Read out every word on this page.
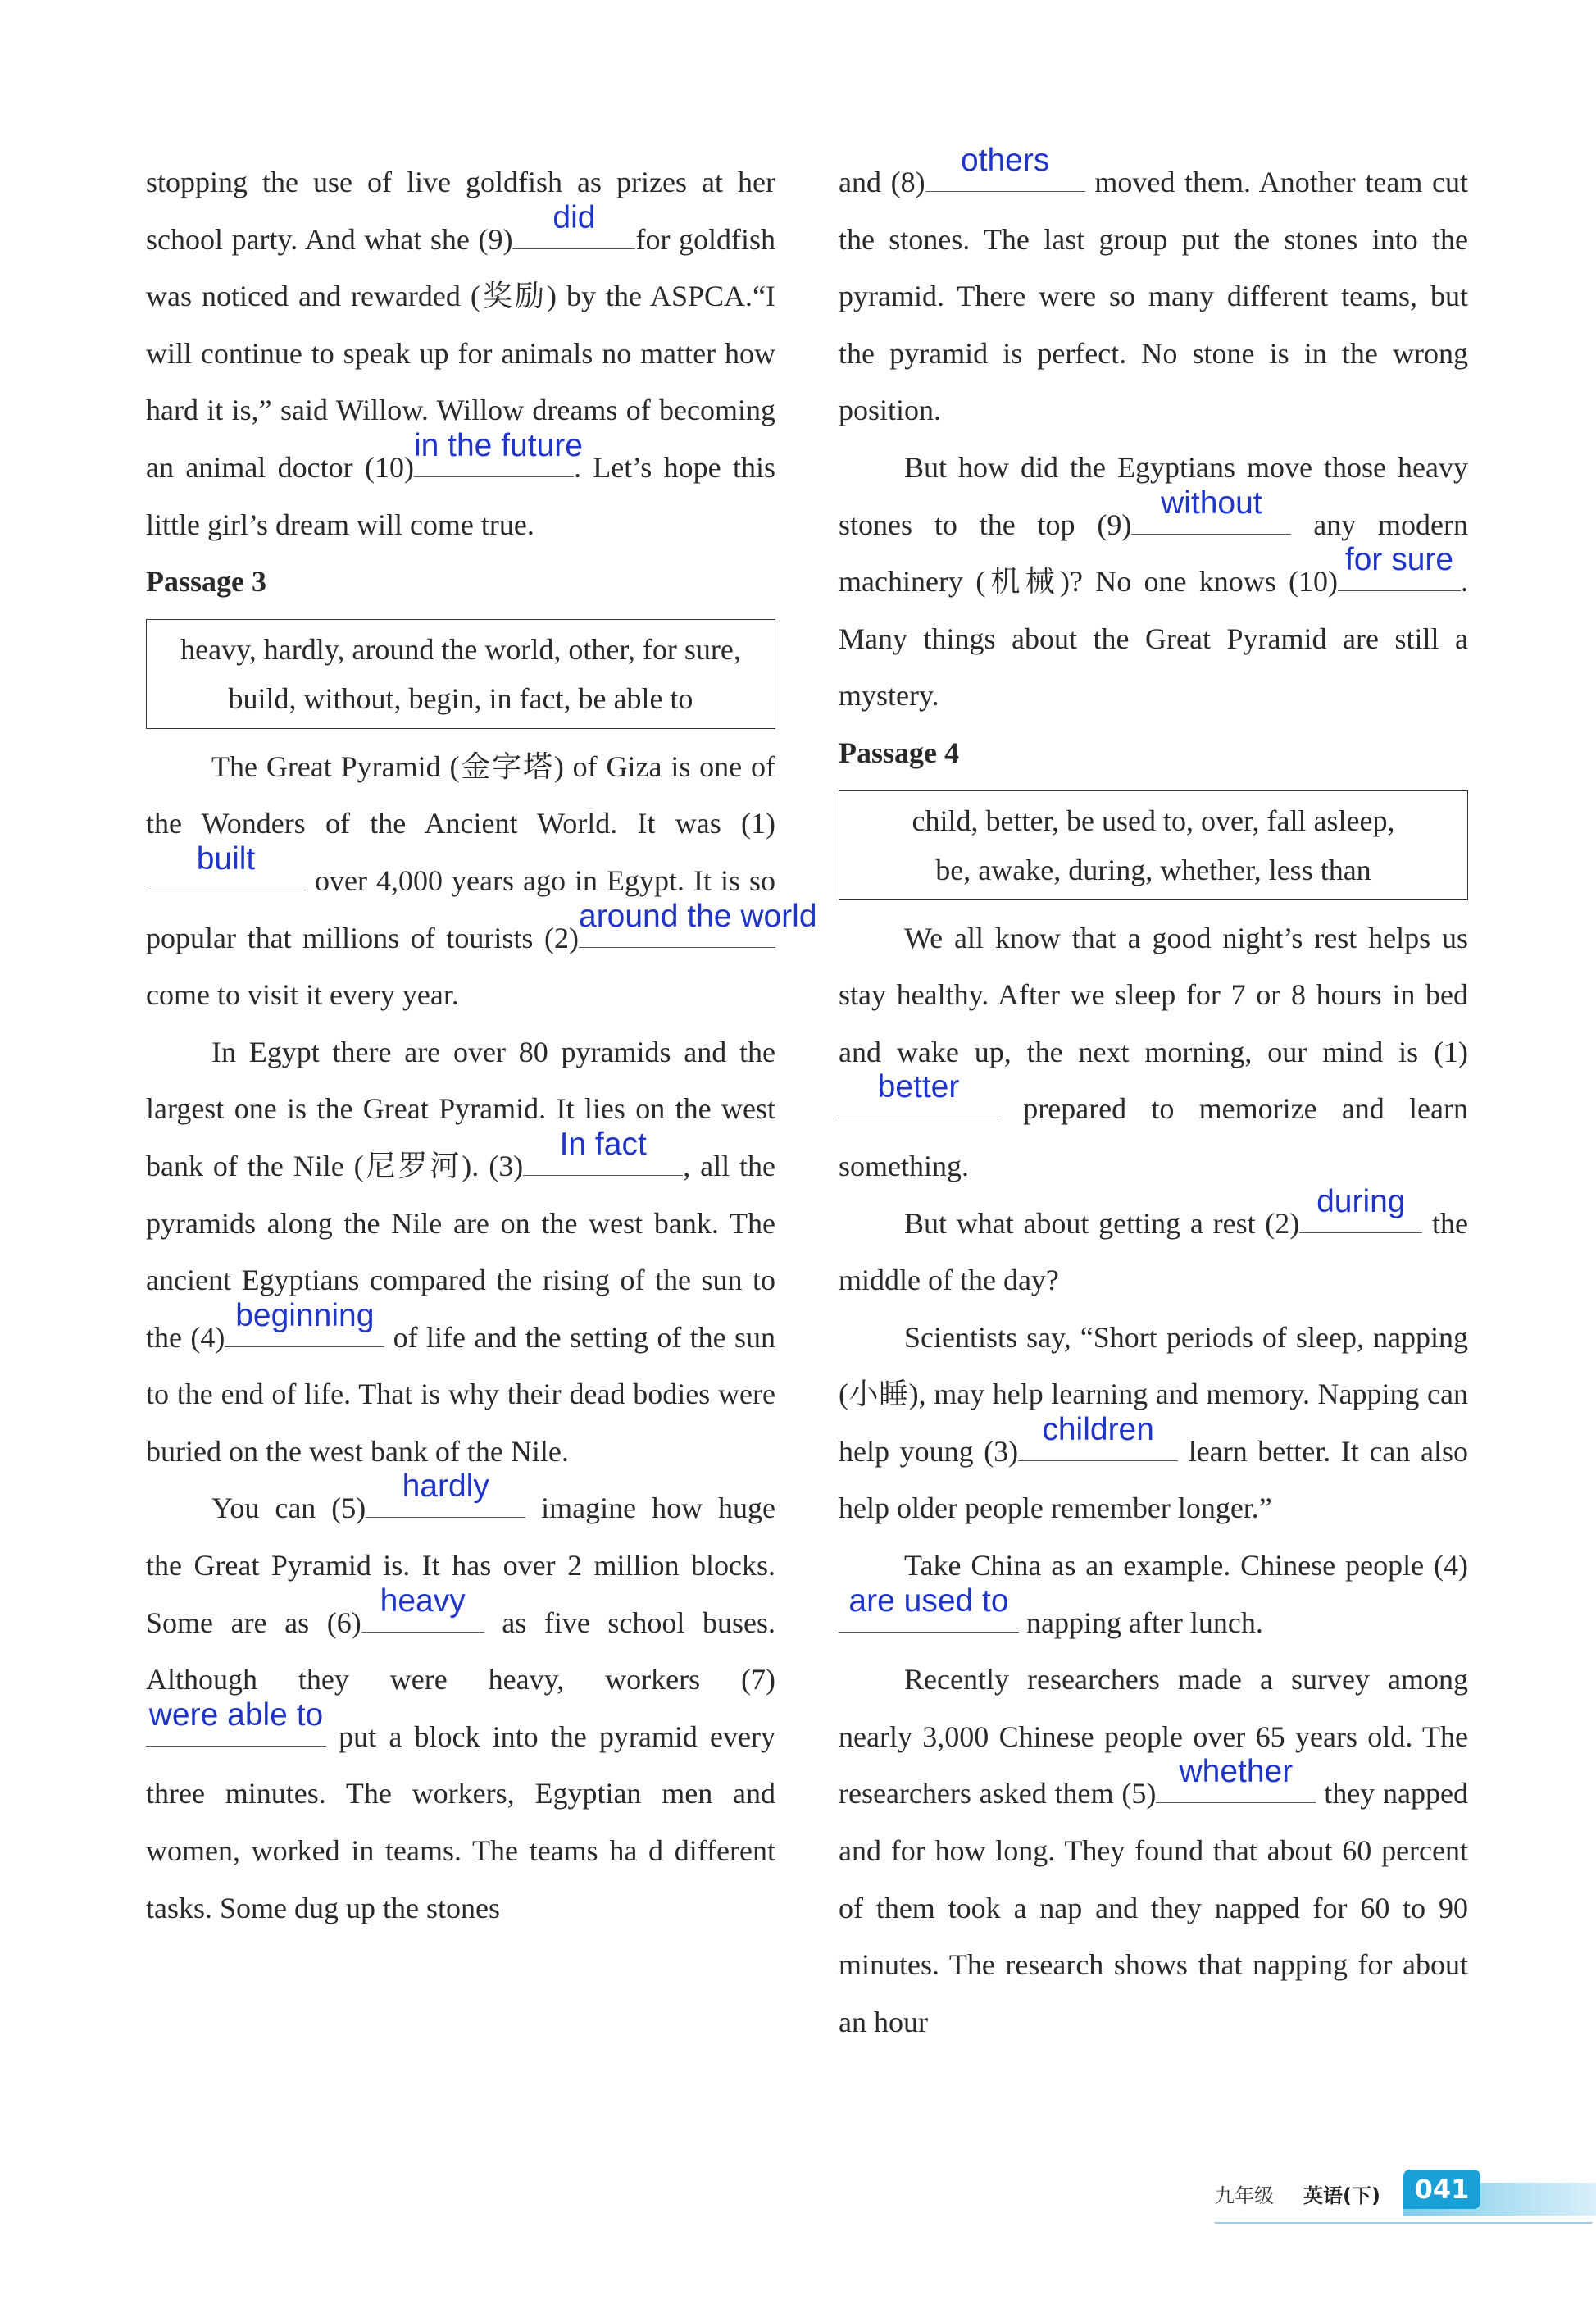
stopping the use of live goldfish as prizes at her school party. And what she (9)
did
for goldfish was noticed and rewarded (奖励) by the ASPCA.“I will continue to speak up for animals no matter how hard it is,” said Willow. Willow dreams of becoming an animal doctor (10)
in the future
. Let’s hope this little girl’s dream will come true.

Passage 3

heavy, hardly, around the world, other, for sure,
build, without, begin, in fact, be able to

The Great Pyramid (金字塔) of Giza is one of the Wonders of the Ancient World. It was (1)
built
over 4,000 years ago in Egypt. It is so popular that millions of tourists (2)
around the world
come to visit it every year.

In Egypt there are over 80 pyramids and the largest one is the Great Pyramid. It lies on the west bank of the Nile (尼罗河). (3)
In fact
, all the pyramids along the Nile are on the west bank. The ancient Egyptians compared the rising of the sun to the (4)
beginning
of life and the setting of the sun to the end of life. That is why their dead bodies were buried on the west bank of the Nile.

You can (5)
hardly
imagine how huge the Great Pyramid is. It has over 2 million blocks. Some are as (6)
heavy
as five school buses. Although they were heavy, workers (7)
were able to
put a block into the pyramid every three minutes. The workers, Egyptian men and women, worked in teams. The teams ha d different tasks. Some dug up the stones

and (8)
others
moved them. Another team cut the stones. The last group put the stones into the pyramid. There were so many different teams, but the pyramid is perfect. No stone is in the wrong position.

But how did the Egyptians move those heavy stones to the top (9)
without
any modern machinery (机械)? No one knows (10)
for sure
. Many things about the Great Pyramid are still a mystery.

Passage 4

child, better, be used to, over, fall asleep,
be, awake, during, whether, less than

We all know that a good night’s rest helps us stay healthy. After we sleep for 7 or 8 hours in bed and wake up, the next morning, our mind is (1)
better
prepared to memorize and learn something.

But what about getting a rest (2)
during
the middle of the day?

Scientists say, “Short periods of sleep, napping (小睡), may help learning and memory. Napping can help young (3)
children
learn better. It can also help older people remember longer.”

Take China as an example. Chinese people (4)
are used to
napping after lunch.

Recently researchers made a survey among nearly 3,000 Chinese people over 65 years old. The researchers asked them (5)
whether
they napped and for how long. They found that about 60 percent of them took a nap and they napped for 60 to 90 minutes. The research shows that napping for about an hour

九年级 英语(下)	041
